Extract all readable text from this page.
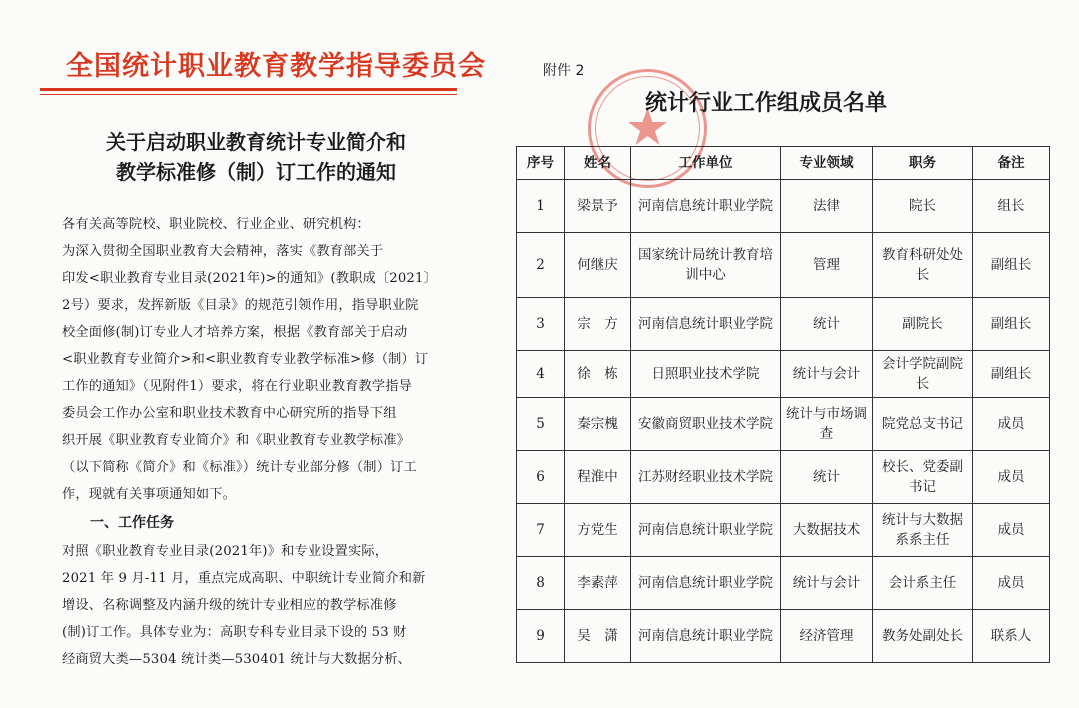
全国统计职业教育教学指导委员会
关于启动职业教育统计专业简介和
教学标准修（制）订工作的通知
各有关高等院校、职业院校、行业企业、研究机构：
为深入贯彻全国职业教育大会精神，落实《教育部关于
印发<职业教育专业目录(2021年)>的通知》(教职成〔2021〕
2号）要求，发挥新版《目录》的规范引领作用，指导职业院
校全面修(制)订专业人才培养方案，根据《教育部关于启动
<职业教育专业简介>和<职业教育专业教学标准>修（制）订
工作的通知》（见附件1）要求，将在行业职业教育教学指导
委员会工作办公室和职业技术教育中心研究所的指导下组
织开展《职业教育专业简介》和《职业教育专业教学标准》
（以下简称《简介》和《标准》）统计专业部分修（制）订工
作，现就有关事项通知如下。
一、工作任务
对照《职业教育专业目录(2021年)》和专业设置实际，
2021 年 9 月-11 月，重点完成高职、中职统计专业简介和新
增设、名称调整及内涵升级的统计专业相应的教学标准修
(制)订工作。具体专业为：高职专科专业目录下设的 53 财
经商贸大类—5304 统计类—530401 统计与大数据分析、
附件 2
统计行业工作组成员名单
序号	姓名	工作单位	专业领域	职务	备注
1	梁景予	河南信息统计职业学院	法律	院长	组长
2	何继庆	国家统计局统计教育培训中心	管理	教育科研处处长	副组长
3	宗　方	河南信息统计职业学院	统计	副院长	副组长
4	徐　栋	日照职业技术学院	统计与会计	会计学院副院长	副组长
5	秦宗槐	安徽商贸职业技术学院	统计与市场调查	院党总支书记	成员
6	程淮中	江苏财经职业技术学院	统计	校长、党委副书记	成员
7	方党生	河南信息统计职业学院	大数据技术	统计与大数据系系主任	成员
8	李素萍	河南信息统计职业学院	统计与会计	会计系主任	成员
9	吴　潇	河南信息统计职业学院	经济管理	教务处副处长	联系人
